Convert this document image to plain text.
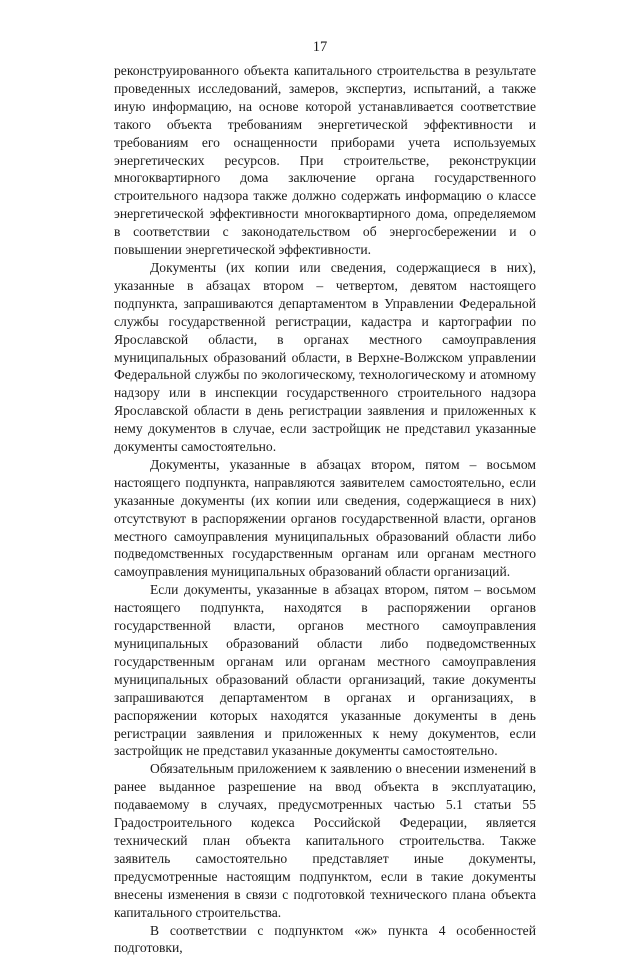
17

реконструированного объекта капитального строительства в результате проведенных исследований, замеров, экспертиз, испытаний, а также иную информацию, на основе которой устанавливается соответствие такого объекта требованиям энергетической эффективности и требованиям его оснащенности приборами учета используемых энергетических ресурсов. При строительстве, реконструкции многоквартирного дома заключение органа государственного строительного надзора также должно содержать информацию о классе энергетической эффективности многоквартирного дома, определяемом в соответствии с законодательством об энергосбережении и о повышении энергетической эффективности.

Документы (их копии или сведения, содержащиеся в них), указанные в абзацах втором – четвертом, девятом настоящего подпункта, запрашиваются департаментом в Управлении Федеральной службы государственной регистрации, кадастра и картографии по Ярославской области, в органах местного самоуправления муниципальных образований области, в Верхне-Волжском управлении Федеральной службы по экологическому, технологическому и атомному надзору или в инспекции государственного строительного надзора Ярославской области в день регистрации заявления и приложенных к нему документов в случае, если застройщик не представил указанные документы самостоятельно.

Документы, указанные в абзацах втором, пятом – восьмом настоящего подпункта, направляются заявителем самостоятельно, если указанные документы (их копии или сведения, содержащиеся в них) отсутствуют в распоряжении органов государственной власти, органов местного самоуправления муниципальных образований области либо подведомственных государственным органам или органам местного самоуправления муниципальных образований области организаций.

Если документы, указанные в абзацах втором, пятом – восьмом настоящего подпункта, находятся в распоряжении органов государственной власти, органов местного самоуправления муниципальных образований области либо подведомственных государственным органам или органам местного самоуправления муниципальных образований области организаций, такие документы запрашиваются департаментом в органах и организациях, в распоряжении которых находятся указанные документы в день регистрации заявления и приложенных к нему документов, если застройщик не представил указанные документы самостоятельно.

Обязательным приложением к заявлению о внесении изменений в ранее выданное разрешение на ввод объекта в эксплуатацию, подаваемому в случаях, предусмотренных частью 5.1 статьи 55 Градостроительного кодекса Российской Федерации, является технический план объекта капитального строительства. Также заявитель самостоятельно представляет иные документы, предусмотренные настоящим подпунктом, если в такие документы внесены изменения в связи с подготовкой технического плана объекта капитального строительства.

В соответствии с подпунктом «ж» пункта 4 особенностей подготовки,
